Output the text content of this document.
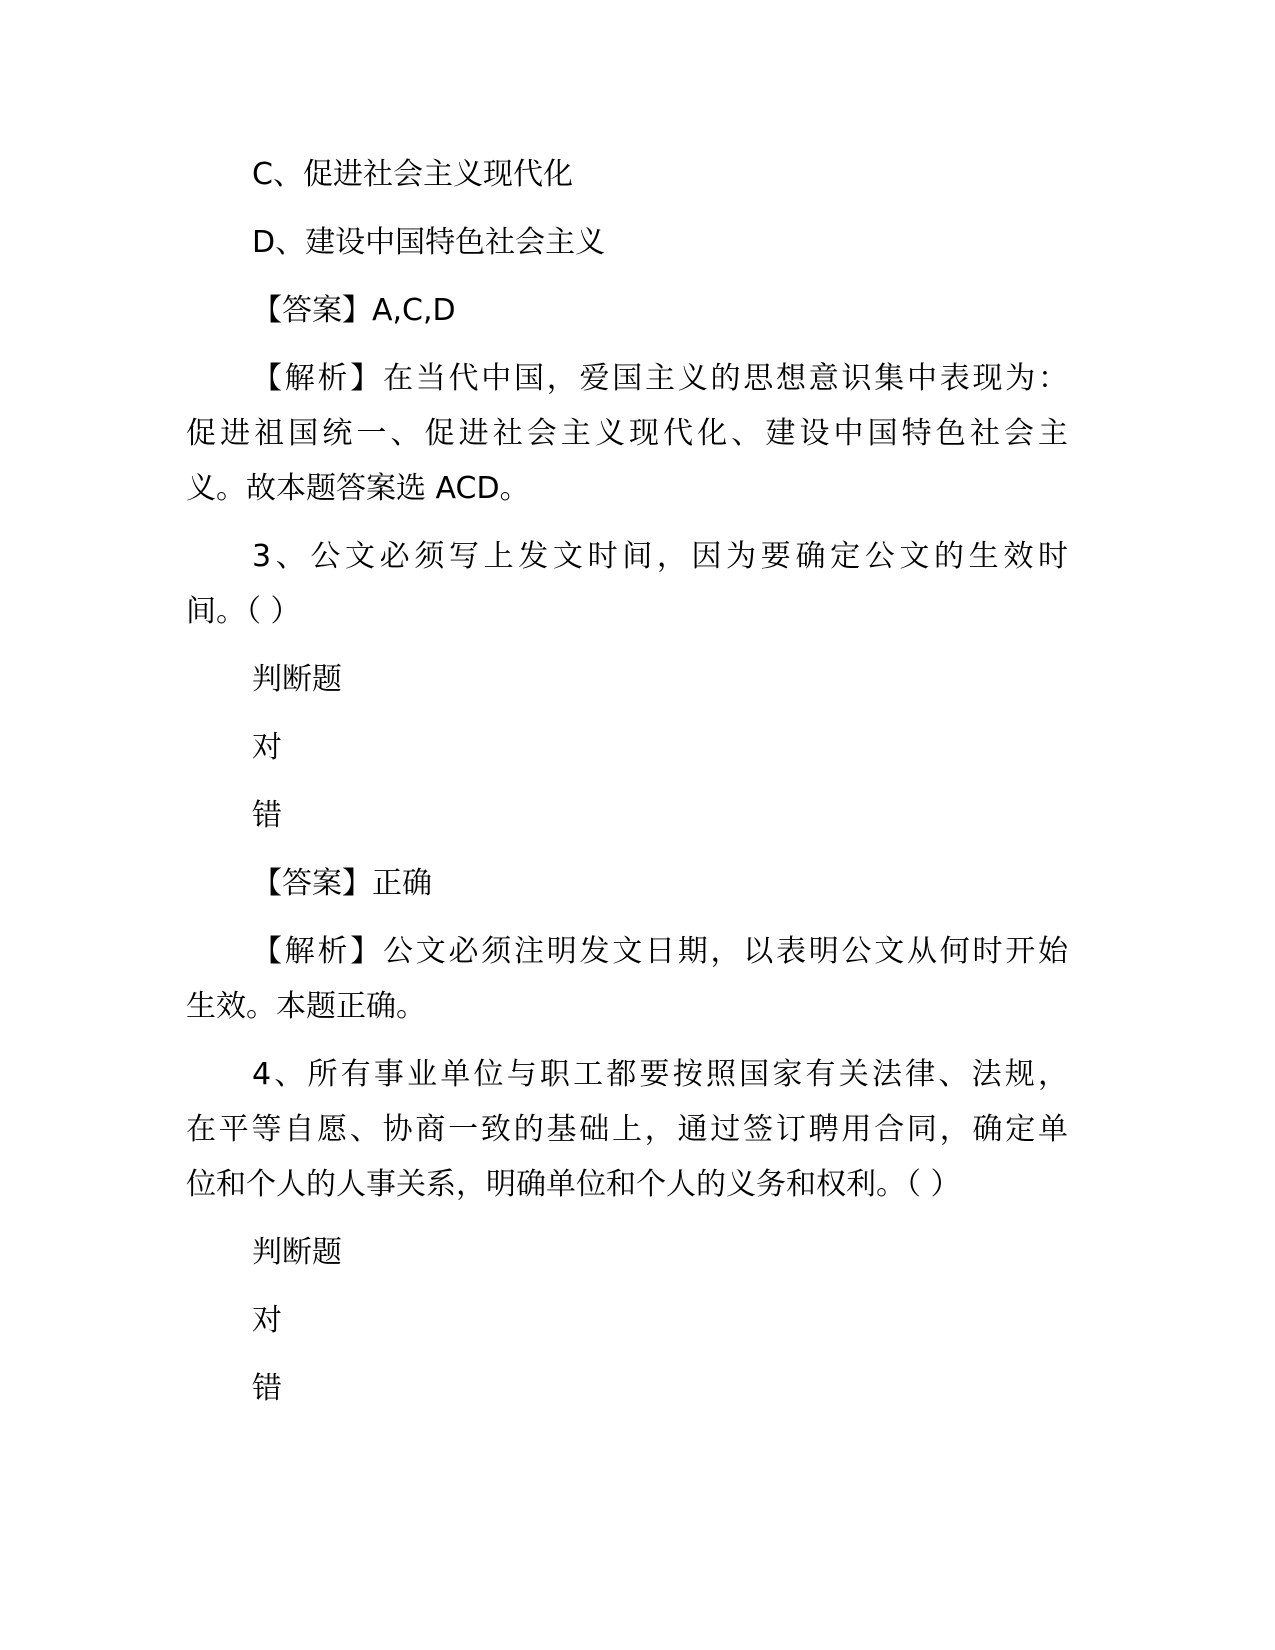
C、促进社会主义现代化
D、建设中国特色社会主义
【答案】A,C,D
【解析】在当代中国，爱国主义的思想意识集中表现为：
促进祖国统一、促进社会主义现代化、建设中国特色社会主
义。故本题答案选 ACD。
3、公文必须写上发文时间，因为要确定公文的生效时
间。（ ）
判断题
对
错
【答案】正确
【解析】公文必须注明发文日期，以表明公文从何时开始
生效。本题正确。
4、所有事业单位与职工都要按照国家有关法律、法规，
在平等自愿、协商一致的基础上，通过签订聘用合同，确定单
位和个人的人事关系，明确单位和个人的义务和权利。（ ）
判断题
对
错
